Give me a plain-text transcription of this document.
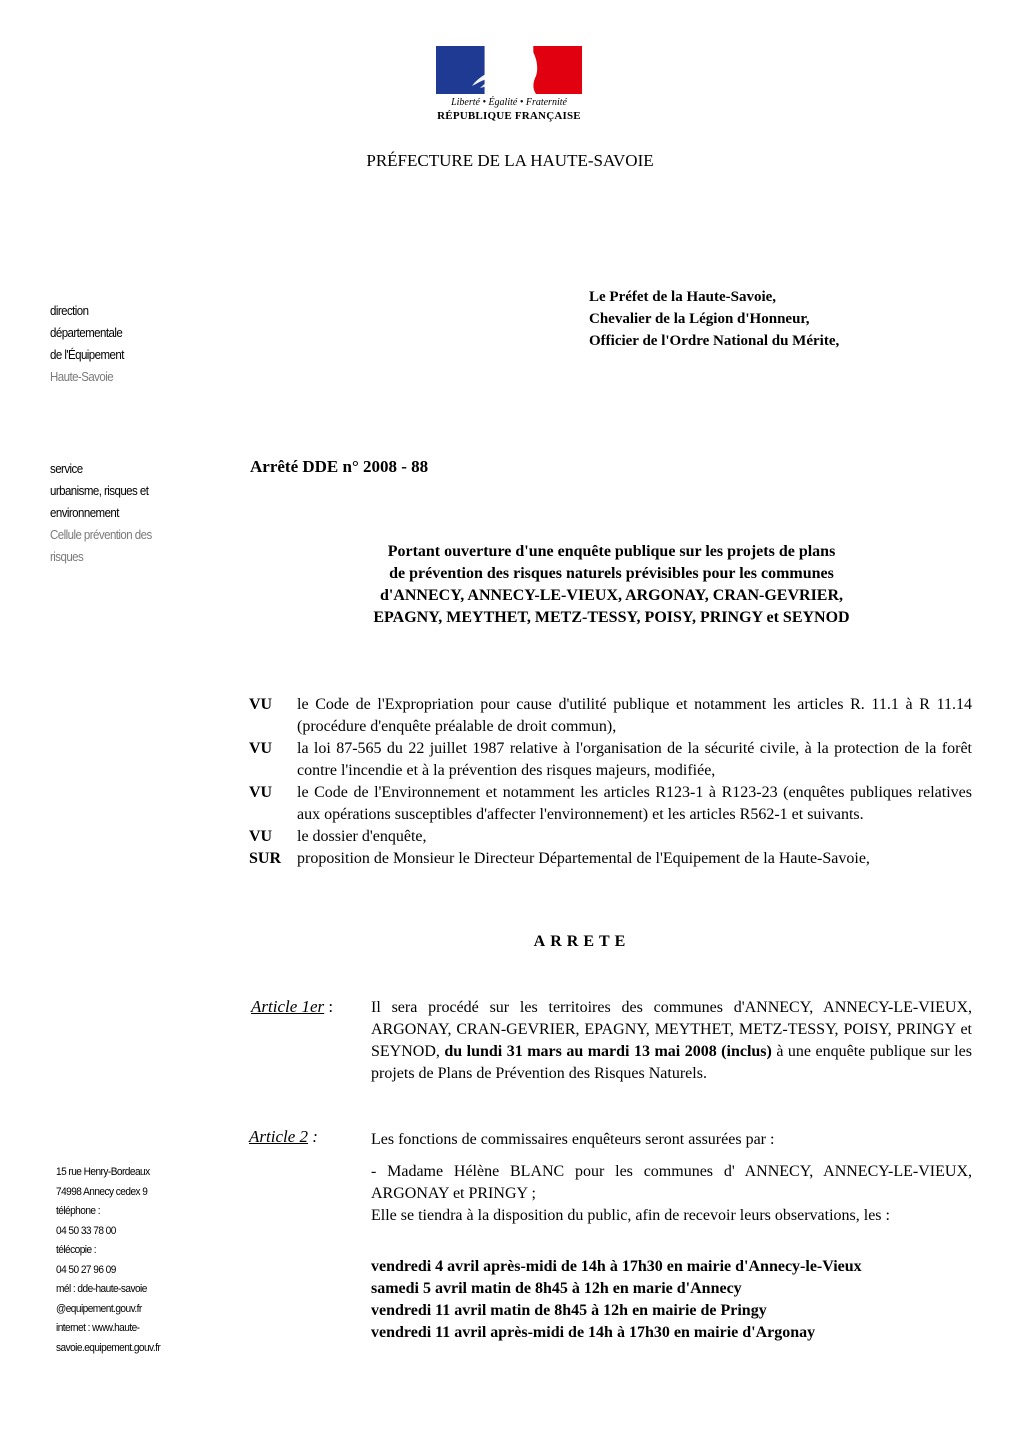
Liberté • Égalité • Fraternité
RÉPUBLIQUE FRANÇAISE
PRÉFECTURE DE LA HAUTE-SAVOIE
direction
départementale
de l'Équipement
Haute-Savoie
Le Préfet de la Haute-Savoie,
Chevalier de la Légion d'Honneur,
Officier de l'Ordre National du Mérite,
service
urbanisme, risques et
environnement
Cellule prévention des
risques
Arrêté DDE n° 2008 - 88
Portant ouverture d'une enquête publique sur les projets de plans
de prévention des risques naturels prévisibles pour les communes
d'ANNECY, ANNECY-LE-VIEUX, ARGONAY, CRAN-GEVRIER,
EPAGNY, MEYTHET, METZ-TESSY, POISY, PRINGY et SEYNOD
VU	le Code de l'Expropriation pour cause d'utilité publique et notamment les articles R. 11.1 à R 11.14 (procédure d'enquête préalable de droit commun),
VU	la loi 87-565 du 22 juillet 1987 relative à l'organisation de la sécurité civile, à la protection de la forêt contre l'incendie et à la prévention des risques majeurs, modifiée,
VU	le Code de l'Environnement et notamment les articles R123-1 à R123-23 (enquêtes publiques relatives aux opérations susceptibles d'affecter l'environnement) et les articles R562-1 et suivants.
VU	le dossier d'enquête,
SUR proposition de Monsieur le Directeur Départemental de l'Equipement de la Haute-Savoie,
ARRETE
Article 1er : Il sera procédé sur les territoires des communes d'ANNECY, ANNECY-LE-VIEUX, ARGONAY, CRAN-GEVRIER, EPAGNY, MEYTHET, METZ-TESSY, POISY, PRINGY et SEYNOD, du lundi 31 mars au mardi 13 mai 2008 (inclus) à une enquête publique sur les projets de Plans de Prévention des Risques Naturels.
Article 2 :	Les fonctions de commissaires enquêteurs seront assurées par :
- Madame Hélène BLANC pour les communes d' ANNECY, ANNECY-LE-VIEUX, ARGONAY et PRINGY ;
Elle se tiendra à la disposition du public, afin de recevoir leurs observations, les :
vendredi 4 avril après-midi de 14h à 17h30 en mairie d'Annecy-le-Vieux
samedi 5 avril matin de 8h45 à 12h en marie d'Annecy
vendredi 11 avril matin de 8h45 à 12h en mairie de Pringy
vendredi 11 avril après-midi de 14h à 17h30 en mairie d'Argonay
15 rue Henry-Bordeaux
74998 Annecy cedex 9
téléphone :
04 50 33 78 00
télécopie :
04 50 27 96 09
mél : dde-haute-savoie
@equipement.gouv.fr
internet : www.haute-
savoie.equipement.gouv.fr
